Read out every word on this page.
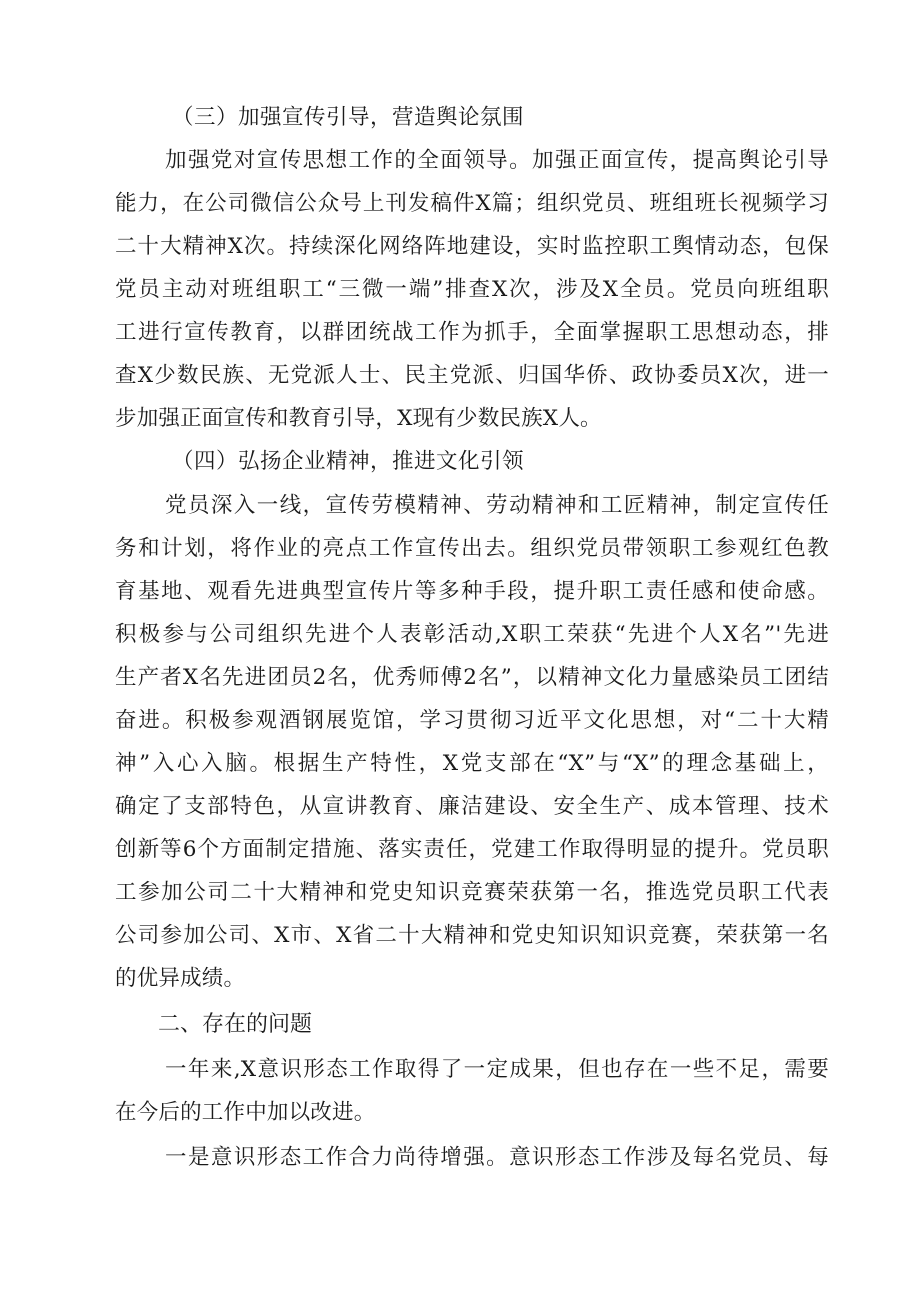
（三）加强宣传引导，营造舆论氛围
加强党对宣传思想工作的全面领导。加强正面宣传，提高舆论引导
能力，在公司微信公众号上刊发稿件X篇；组织党员、班组班长视频学习
二十大精神X次。持续深化网络阵地建设，实时监控职工舆情动态，包保
党员主动对班组职工“三微一端”排查X次，涉及X全员。党员向班组职
工进行宣传教育，以群团统战工作为抓手，全面掌握职工思想动态，排
查X少数民族、无党派人士、民主党派、归国华侨、政协委员X次，进一
步加强正面宣传和教育引导，X现有少数民族X人。
（四）弘扬企业精神，推进文化引领
党员深入一线，宣传劳模精神、劳动精神和工匠精神，制定宣传任
务和计划，将作业的亮点工作宣传出去。组织党员带领职工参观红色教
育基地、观看先进典型宣传片等多种手段，提升职工责任感和使命感。
积极参与公司组织先进个人表彰活动,X职工荣获“先进个人X名”'先进
生产者X名先进团员2名，优秀师傅2名”，以精神文化力量感染员工团结
奋进。积极参观酒钢展览馆，学习贯彻习近平文化思想，对“二十大精
神”入心入脑。根据生产特性，X党支部在“X”与“X”的理念基础上，
确定了支部特色，从宣讲教育、廉洁建设、安全生产、成本管理、技术
创新等6个方面制定措施、落实责任，党建工作取得明显的提升。党员职
工参加公司二十大精神和党史知识竞赛荣获第一名，推选党员职工代表
公司参加公司、X市、X省二十大精神和党史知识知识竞赛，荣获第一名
的优异成绩。
二、存在的问题
一年来,X意识形态工作取得了一定成果，但也存在一些不足，需要
在今后的工作中加以改进。
一是意识形态工作合力尚待增强。意识形态工作涉及每名党员、每
